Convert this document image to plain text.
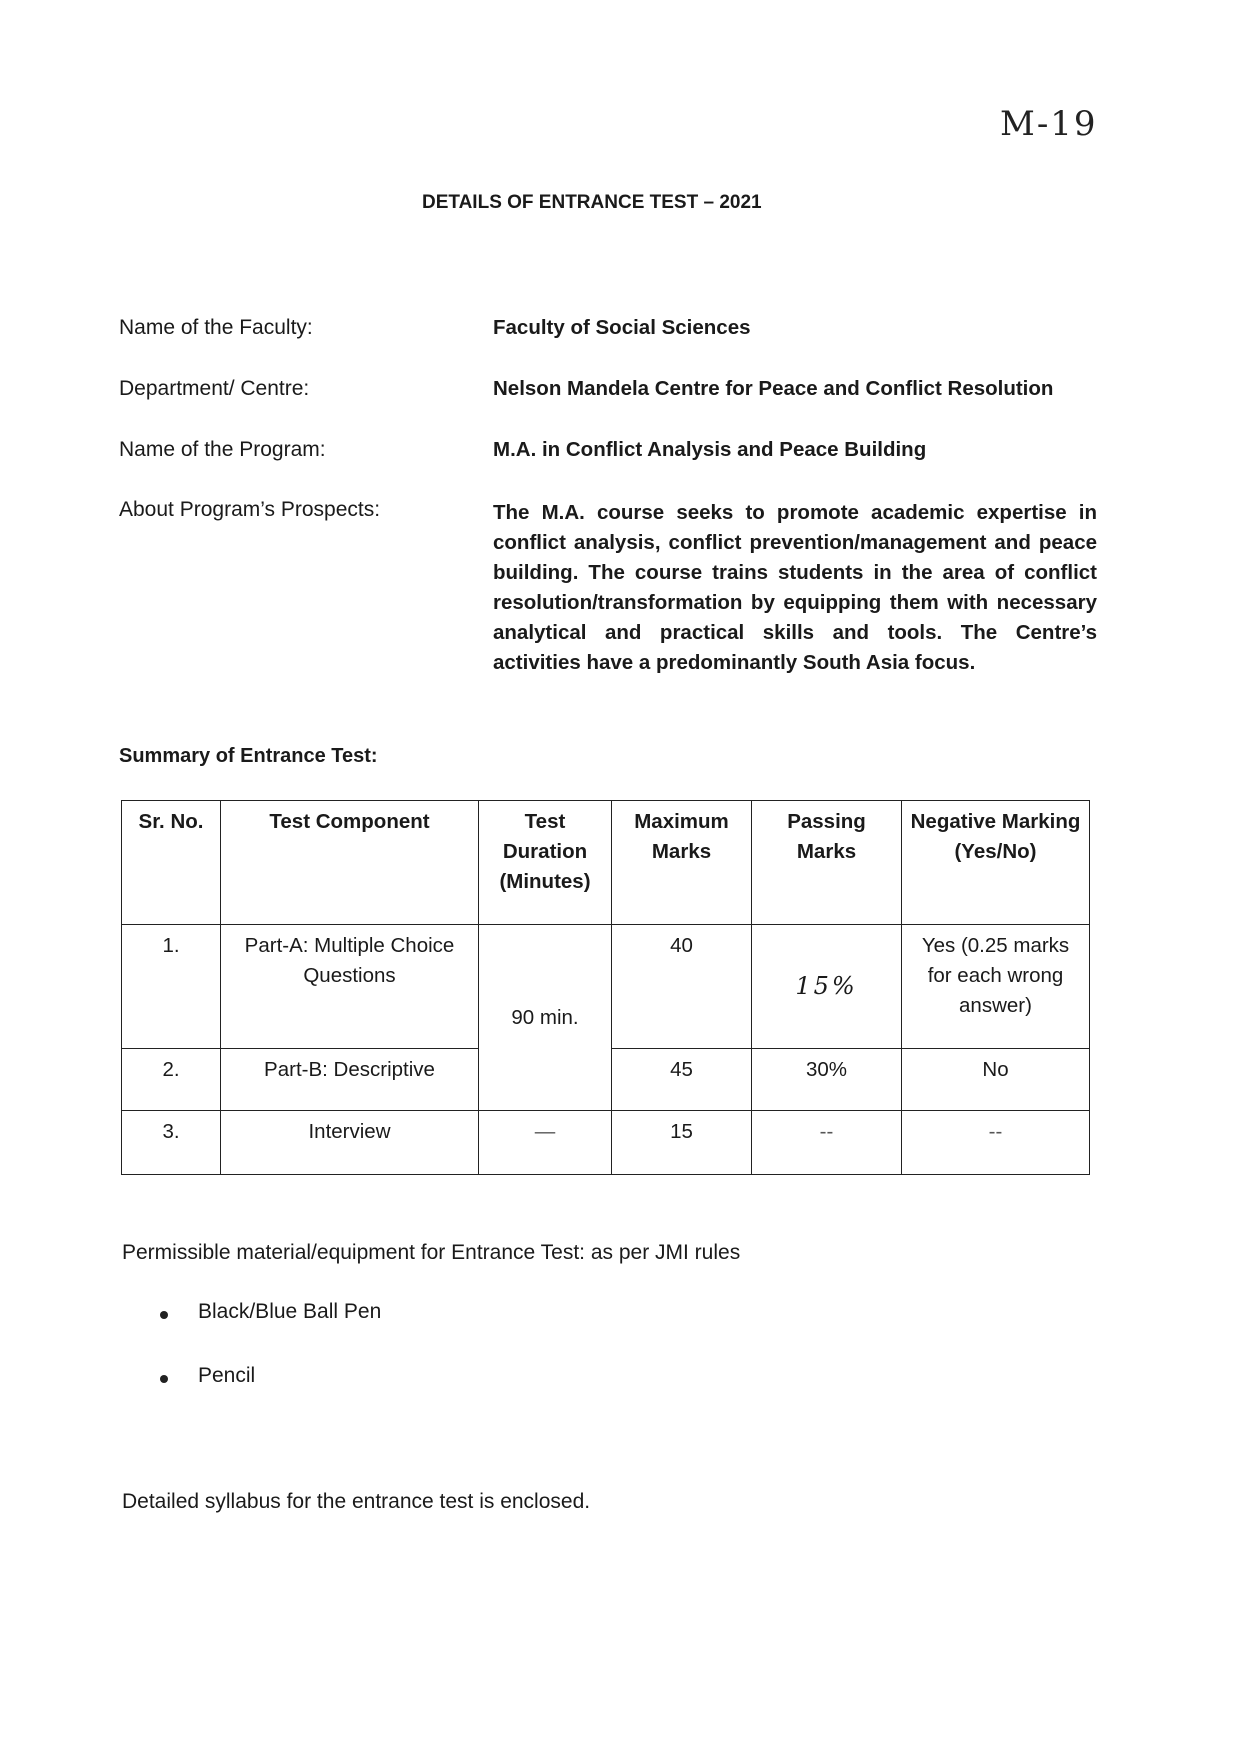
M-19
DETAILS OF ENTRANCE TEST – 2021
Name of the Faculty:	Faculty of Social Sciences
Department/ Centre:	Nelson Mandela Centre for Peace and Conflict Resolution
Name of the Program:	M.A. in Conflict Analysis and Peace Building
About Program’s Prospects:	The M.A. course seeks to promote academic expertise in conflict analysis, conflict prevention/management and peace building. The course trains students in the area of conflict resolution/transformation by equipping them with necessary analytical and practical skills and tools. The Centre’s activities have a predominantly South Asia focus.
Summary of Entrance Test:
Sr. No.	Test Component	Test Duration (Minutes)	Maximum Marks	Passing Marks	Negative Marking (Yes/No)
1.	Part-A: Multiple Choice Questions	90 min.	40	15%	Yes (0.25 marks for each wrong answer)
2.	Part-B: Descriptive		45	30%	No
3.	Interview	—	15	--	--
Permissible material/equipment for Entrance Test: as per JMI rules
Black/Blue Ball Pen
Pencil
Detailed syllabus for the entrance test is enclosed.
